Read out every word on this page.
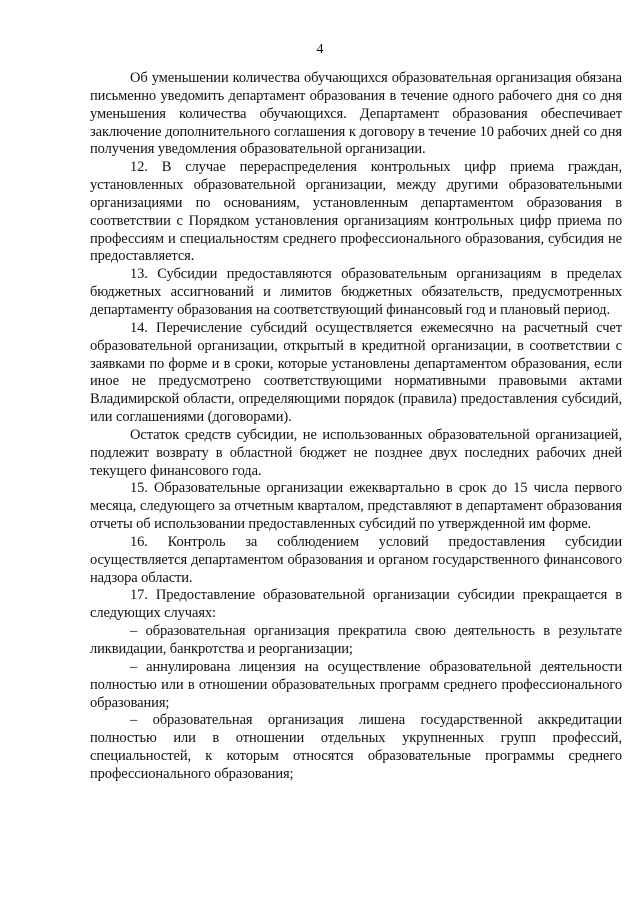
4

Об уменьшении количества обучающихся образовательная организация обязана письменно уведомить департамент образования в течение одного рабочего дня со дня уменьшения количества обучающихся. Департамент образования обеспечивает заключение дополнительного соглашения к договору в течение 10 рабочих дней со дня получения уведомления образовательной организации.

12. В случае перераспределения контрольных цифр приема граждан, установленных образовательной организации, между другими образовательными организациями по основаниям, установленным департаментом образования в соответствии с Порядком установления организациям контрольных цифр приема по профессиям и специальностям среднего профессионального образования, субсидия не предоставляется.

13. Субсидии предоставляются образовательным организациям в пределах бюджетных ассигнований и лимитов бюджетных обязательств, предусмотренных департаменту образования на соответствующий финансовый год и плановый период.

14. Перечисление субсидий осуществляется ежемесячно на расчетный счет образовательной организации, открытый в кредитной организации, в соответствии с заявками по форме и в сроки, которые установлены департаментом образования, если иное не предусмотрено соответствующими нормативными правовыми актами Владимирской области, определяющими порядок (правила) предоставления субсидий, или соглашениями (договорами).

Остаток средств субсидии, не использованных образовательной организацией, подлежит возврату в областной бюджет не позднее двух последних рабочих дней текущего финансового года.

15. Образовательные организации ежеквартально в срок до 15 числа первого месяца, следующего за отчетным кварталом, представляют в департамент образования отчеты об использовании предоставленных субсидий по утвержденной им форме.

16. Контроль за соблюдением условий предоставления субсидии осуществляется департаментом образования и органом государственного финансового надзора области.

17. Предоставление образовательной организации субсидии прекращается в следующих случаях:

– образовательная организация прекратила свою деятельность в результате ликвидации, банкротства и реорганизации;

– аннулирована лицензия на осуществление образовательной деятельности полностью или в отношении образовательных программ среднего профессионального образования;

– образовательная организация лишена государственной аккредитации полностью или в отношении отдельных укрупненных групп профессий, специальностей, к которым относятся образовательные программы среднего профессионального образования;
